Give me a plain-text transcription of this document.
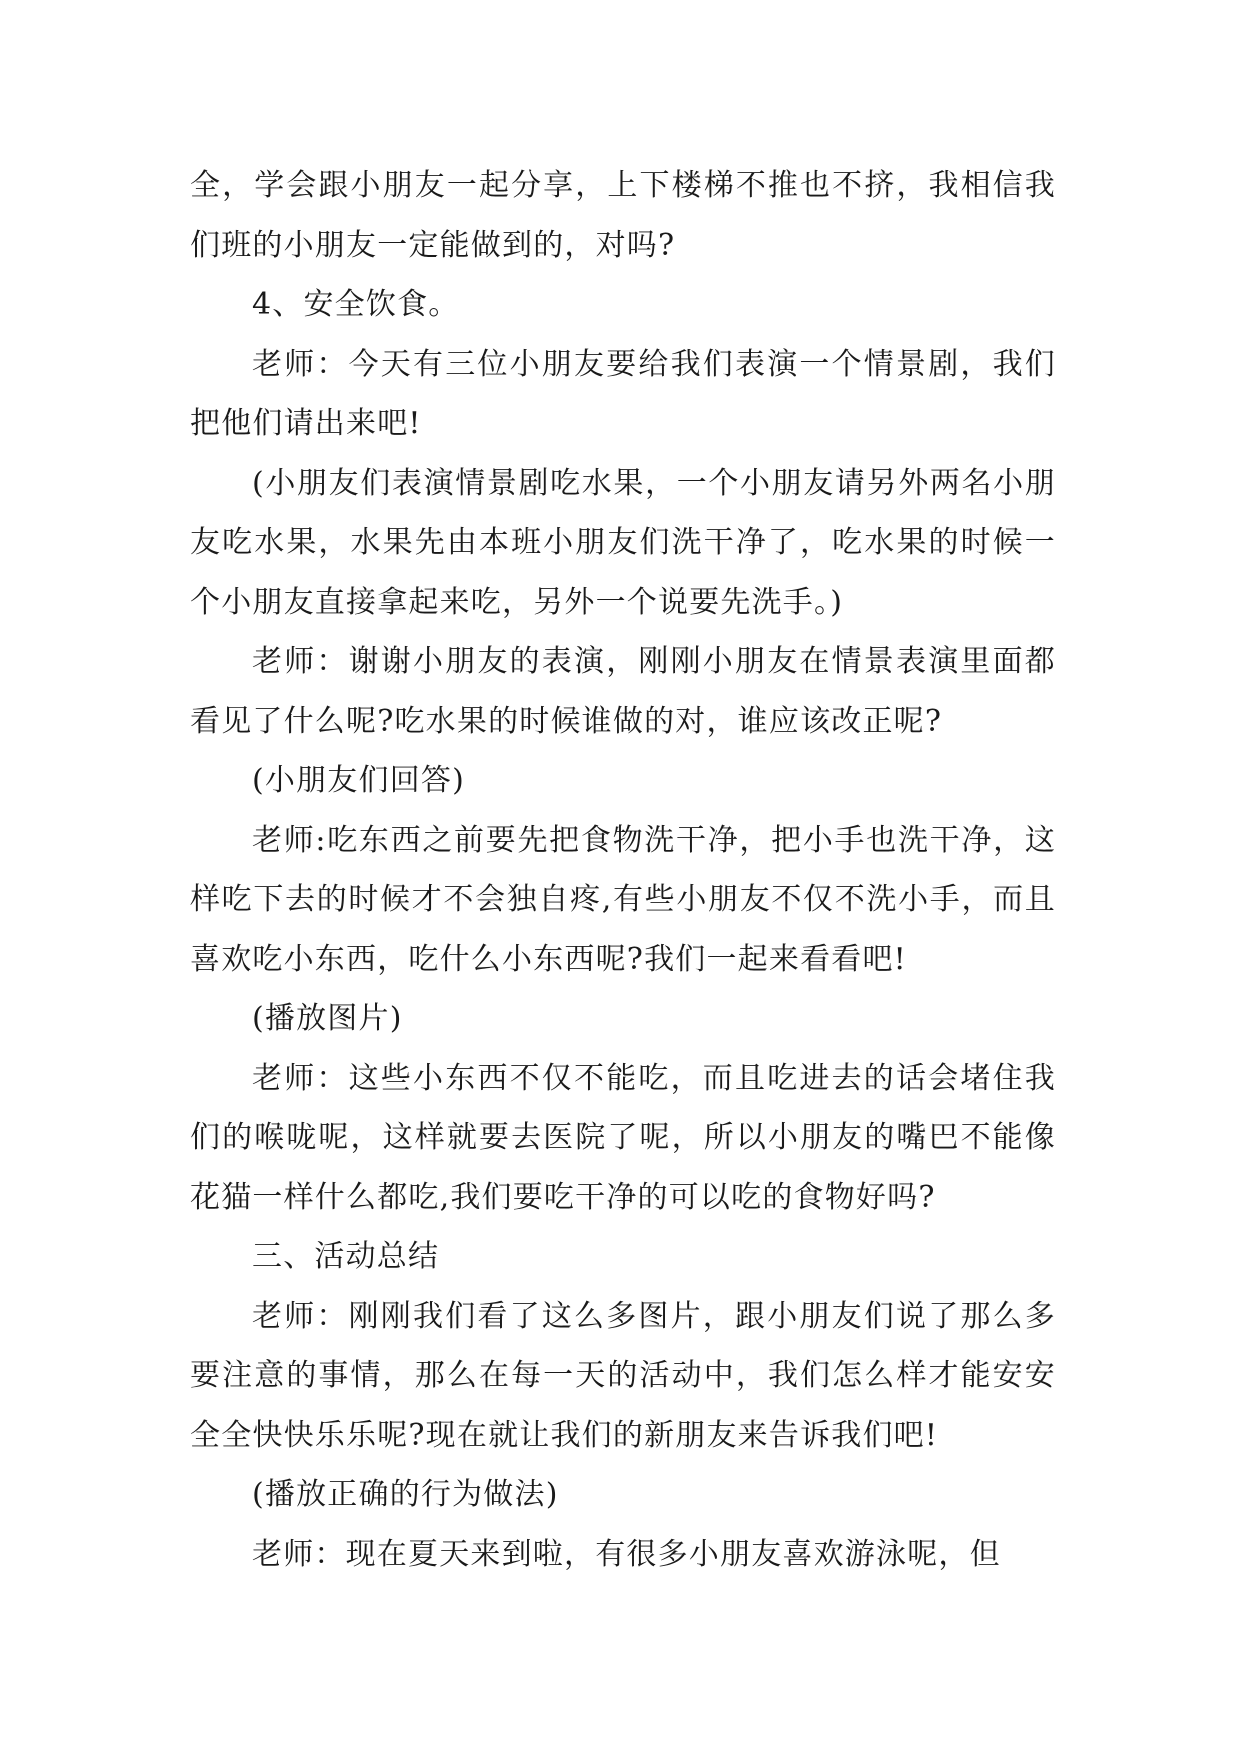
全，学会跟小朋友一起分享，上下楼梯不推也不挤，我相信我们班的小朋友一定能做到的，对吗?

4、安全饮食。

老师：今天有三位小朋友要给我们表演一个情景剧，我们把他们请出来吧!

(小朋友们表演情景剧吃水果，一个小朋友请另外两名小朋友吃水果，水果先由本班小朋友们洗干净了，吃水果的时候一个小朋友直接拿起来吃，另外一个说要先洗手。)

老师：谢谢小朋友的表演，刚刚小朋友在情景表演里面都看见了什么呢?吃水果的时候谁做的对，谁应该改正呢?

(小朋友们回答)

老师:吃东西之前要先把食物洗干净，把小手也洗干净，这样吃下去的时候才不会独自疼,有些小朋友不仅不洗小手，而且喜欢吃小东西，吃什么小东西呢?我们一起来看看吧!

(播放图片)

老师：这些小东西不仅不能吃，而且吃进去的话会堵住我们的喉咙呢，这样就要去医院了呢，所以小朋友的嘴巴不能像花猫一样什么都吃,我们要吃干净的可以吃的食物好吗?

三、活动总结

老师：刚刚我们看了这么多图片，跟小朋友们说了那么多要注意的事情，那么在每一天的活动中，我们怎么样才能安安全全快快乐乐呢?现在就让我们的新朋友来告诉我们吧!

(播放正确的行为做法)

老师：现在夏天来到啦，有很多小朋友喜欢游泳呢，但
